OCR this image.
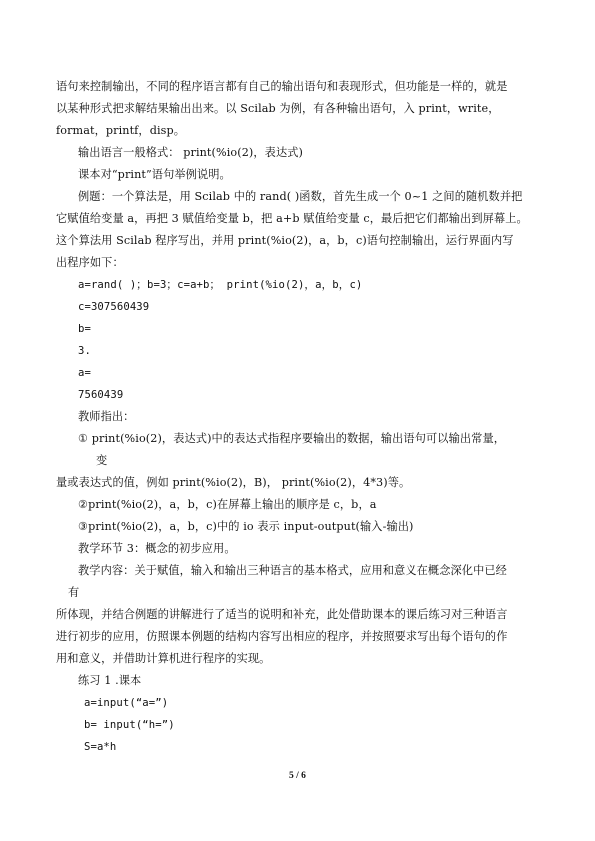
语句来控制输出，不同的程序语言都有自己的输出语句和表现形式，但功能是一样的，就是
以某种形式把求解结果输出出来。以 Scilab 为例，有各种输出语句，入 print，write，
format，printf，disp。
输出语言一般格式： print(%io(2)，表达式)
课本对“print”语句举例说明。
例题：一个算法是，用 Scilab 中的 rand( )函数，首先生成一个 0~1 之间的随机数并把
它赋值给变量 a，再把 3 赋值给变量 b，把 a+b 赋值给变量 c，最后把它们都输出到屏幕上。
这个算法用 Scilab 程序写出，并用 print(%io(2)，a，b，c)语句控制输出，运行界面内写
出程序如下：
a=rand( )；b=3；c=a+b； print(%io(2)，a，b，c)
c=307560439
b=
3.
a=
7560439
教师指出：
① print(%io(2)，表达式)中的表达式指程序要输出的数据，输出语句可以输出常量，
变
量或表达式的值，例如 print(%io(2)，B)， print(%io(2)，4*3)等。
②print(%io(2)，a，b，c)在屏幕上输出的顺序是 c，b，a
③print(%io(2)，a，b，c)中的 io 表示 input-output(输入-输出)
教学环节 3：概念的初步应用。
教学内容：关于赋值，输入和输出三种语言的基本格式，应用和意义在概念深化中已经
有
所体现，并结合例题的讲解进行了适当的说明和补充，此处借助课本的课后练习对三种语言
进行初步的应用，仿照课本例题的结构内容写出相应的程序，并按照要求写出每个语句的作
用和意义，并借助计算机进行程序的实现。
练习 1 .课本
a=input(“a=”)
b= input(“h=”)
S=a*h
5 / 6
